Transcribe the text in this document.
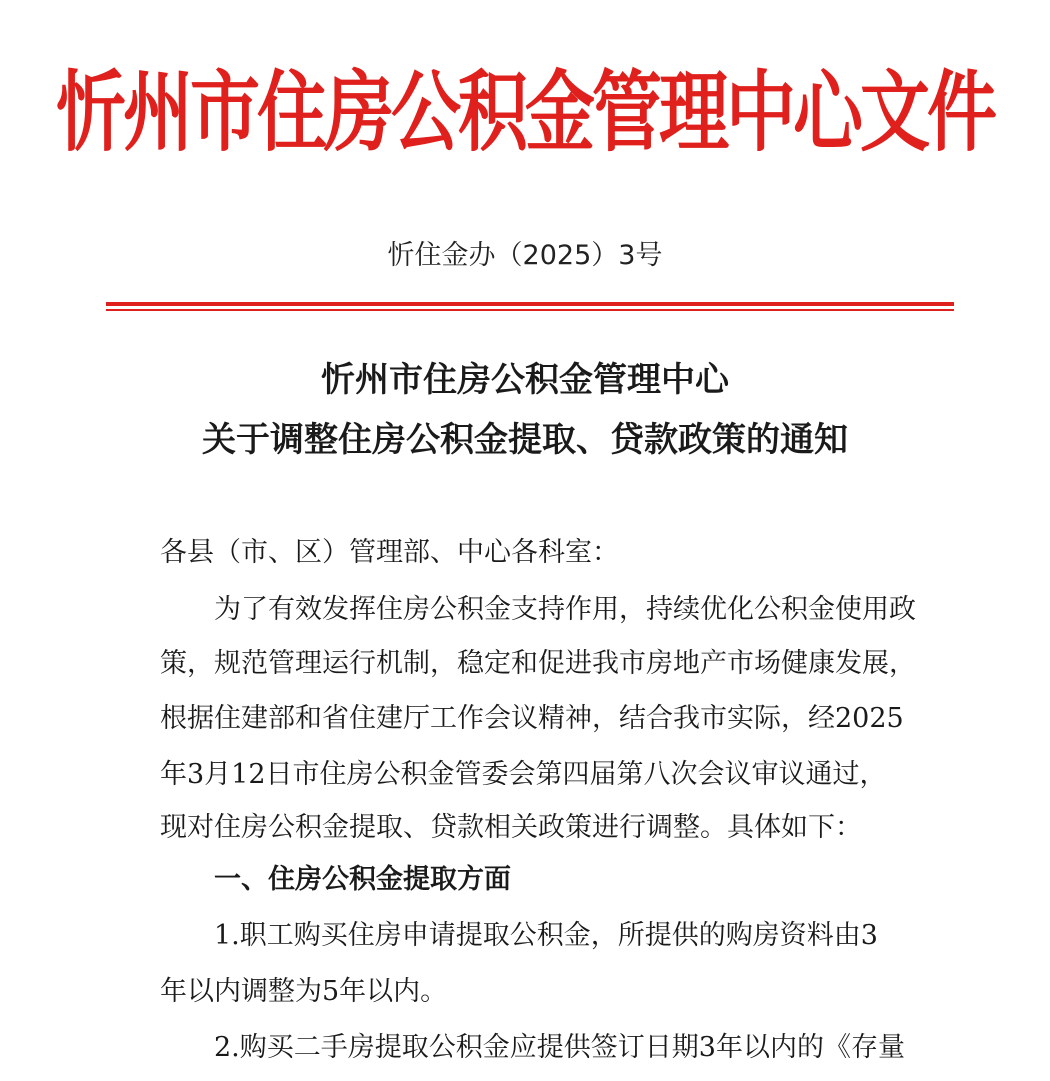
忻州市住房公积金管理中心文件
忻住金办（2025）3号
忻州市住房公积金管理中心
关于调整住房公积金提取、贷款政策的通知
各县（市、区）管理部、中心各科室：
为了有效发挥住房公积金支持作用，持续优化公积金使用政
策，规范管理运行机制，稳定和促进我市房地产市场健康发展，
根据住建部和省住建厅工作会议精神，结合我市实际，经2025
年3月12日市住房公积金管委会第四届第八次会议审议通过，
现对住房公积金提取、贷款相关政策进行调整。具体如下：
一、住房公积金提取方面
1.职工购买住房申请提取公积金，所提供的购房资料由3
年以内调整为5年以内。
2.购买二手房提取公积金应提供签订日期3年以内的《存量
